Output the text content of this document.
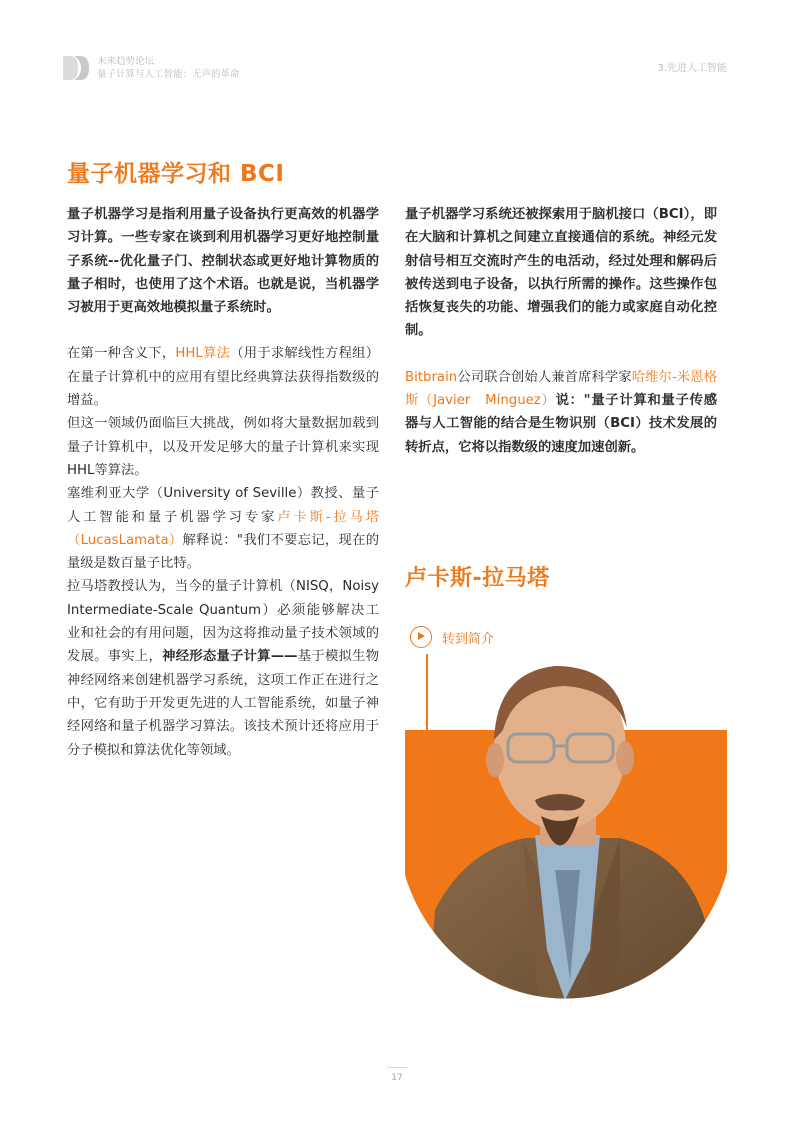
未来趋势论坛
量子计算与人工智能：无声的革命
3.先进人工智能
量子机器学习和 BCI

量子机器学习是指利用量子设备执行更高效的机器学习计算。一些专家在谈到利用机器学习更好地控制量子系统--优化量子门、控制状态或更好地计算物质的量子相时，也使用了这个术语。也就是说，当机器学习被用于更高效地模拟量子系统时。

在第一种含义下，HHL算法（用于求解线性方程组）在量子计算机中的应用有望比经典算法获得指数级的增益。

但这一领域仍面临巨大挑战，例如将大量数据加载到量子计算机中，以及开发足够大的量子计算机来实现 HHL等算法。

塞维利亚大学（University of Seville）教授、量子人工智能和量子机器学习专家卢卡斯-拉马塔（LucasLamata）解释说："我们不要忘记，现在的量级是数百量子比特。

拉马塔教授认为，当今的量子计算机（NISQ，Noisy Intermediate-Scale Quantum）必须能够解决工业和社会的有用问题，因为这将推动量子技术领域的发展。事实上，神经形态量子计算——基于模拟生物神经网络来创建机器学习系统，这项工作正在进行之中，它有助于开发更先进的人工智能系统，如量子神经网络和量子机器学习算法。该技术预计还将应用于分子模拟和算法优化等领域。

量子机器学习系统还被探索用于脑机接口（BCI），即在大脑和计算机之间建立直接通信的系统。神经元发射信号相互交流时产生的电活动，经过处理和解码后被传送到电子设备，以执行所需的操作。这些操作包括恢复丧失的功能、增强我们的能力或家庭自动化控制。

Bitbrain公司联合创始人兼首席科学家哈维尔-米恩格斯（Javier　Mínguez）说："量子计算和量子传感器与人工智能的结合是生物识别（BCI）技术发展的转折点，它将以指数级的速度加速创新。

卢卡斯-拉马塔
转到简介
17
